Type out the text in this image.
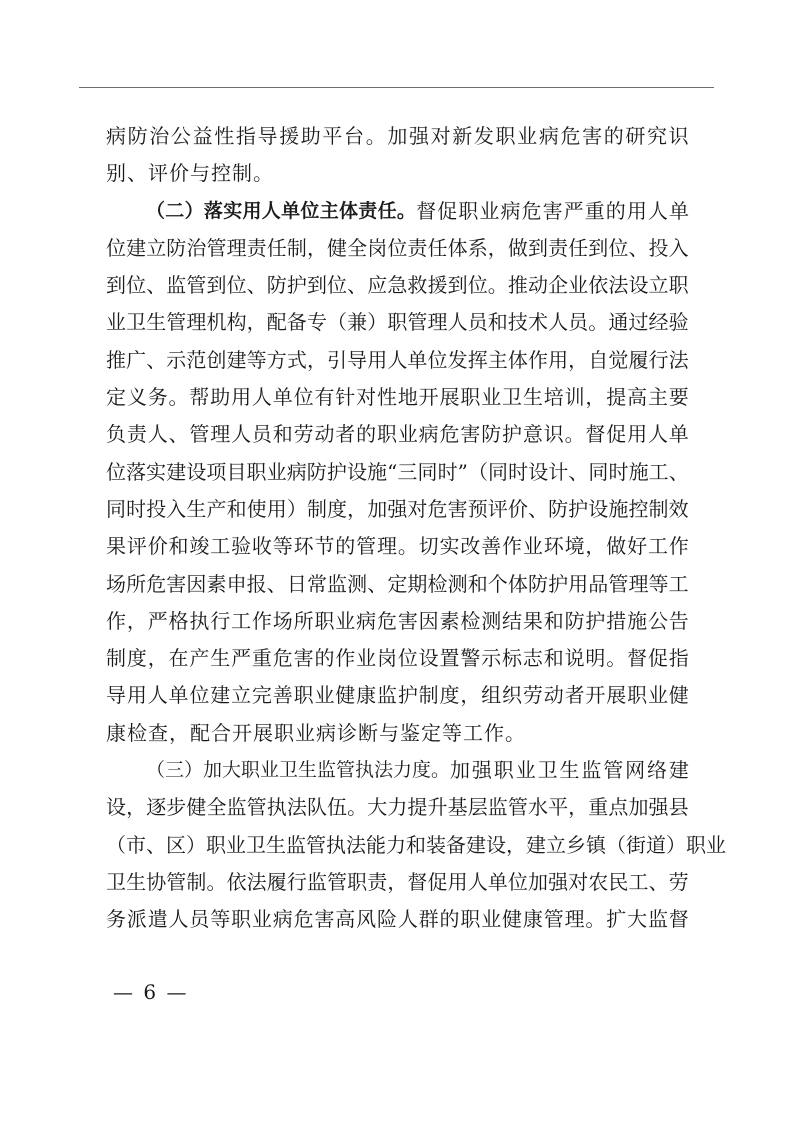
病 防 治 公 益 性 指 导 援 助 平 台 。 加 强 对 新 发 职 业 病 危 害 的 研 究 识
别 、 评 价 与 控 制 。
（二）落实用人单位主体责任。 督 促 职 业 病 危 害 严 重 的 用 人 单
位 建 立 防 治 管 理 责 任 制 ， 健 全 岗 位 责 任 体 系 ， 做 到 责 任 到 位 、 投 入
到 位 、 监 管 到 位 、 防 护 到 位 、 应 急 救 援 到 位 。 推 动 企 业 依 法 设 立 职
业 卫 生 管 理 机 构 ， 配 备 专 （ 兼 ） 职 管 理 人 员 和 技 术 人 员 。 通 过 经 验
推 广 、 示 范 创 建 等 方 式 ， 引 导 用 人 单 位 发 挥 主 体 作 用 ， 自 觉 履 行 法
定 义 务 。 帮 助 用 人 单 位 有 针 对 性 地 开 展 职 业 卫 生 培 训 ， 提 高 主 要
负 责 人 、 管 理 人 员 和 劳 动 者 的 职 业 病 危 害 防 护 意 识 。 督 促 用 人 单
位 落 实 建 设 项 目 职 业 病 防 护 设 施 “ 三 同 时 ” （ 同 时 设 计 、 同 时 施 工 、
同 时 投 入 生 产 和 使 用 ） 制 度 ， 加 强 对 危 害 预 评 价 、 防 护 设 施 控 制 效
果 评 价 和 竣 工 验 收 等 环 节 的 管 理 。 切 实 改 善 作 业 环 境 ， 做 好 工 作
场 所 危 害 因 素 申 报 、 日 常 监 测 、 定 期 检 测 和 个 体 防 护 用 品 管 理 等 工
作 ， 严 格 执 行 工 作 场 所 职 业 病 危 害 因 素 检 测 结 果 和 防 护 措 施 公 告
制 度 ， 在 产 生 严 重 危 害 的 作 业 岗 位 设 置 警 示 标 志 和 说 明 。 督 促 指
导 用 人 单 位 建 立 完 善 职 业 健 康 监 护 制 度 ， 组 织 劳 动 者 开 展 职 业 健
康 检 查 ， 配 合 开 展 职 业 病 诊 断 与 鉴 定 等 工 作 。
（三）加大职业卫生监管执法力度。 加 强 职 业 卫 生 监 管 网 络 建
设 ， 逐 步 健 全 监 管 执 法 队 伍 。 大 力 提 升 基 层 监 管 水 平 ， 重 点 加 强 县
（ 市 、 区 ） 职 业 卫 生 监 管 执 法 能 力 和 装 备 建 设 ， 建 立 乡 镇 （ 街 道 ） 职 业
卫 生 协 管 制 。 依 法 履 行 监 管 职 责 ， 督 促 用 人 单 位 加 强 对 农 民 工 、 劳
务 派 遣 人 员 等 职 业 病 危 害 高 风 险 人 群 的 职 业 健 康 管 理 。 扩 大 监 督
— 6 —
